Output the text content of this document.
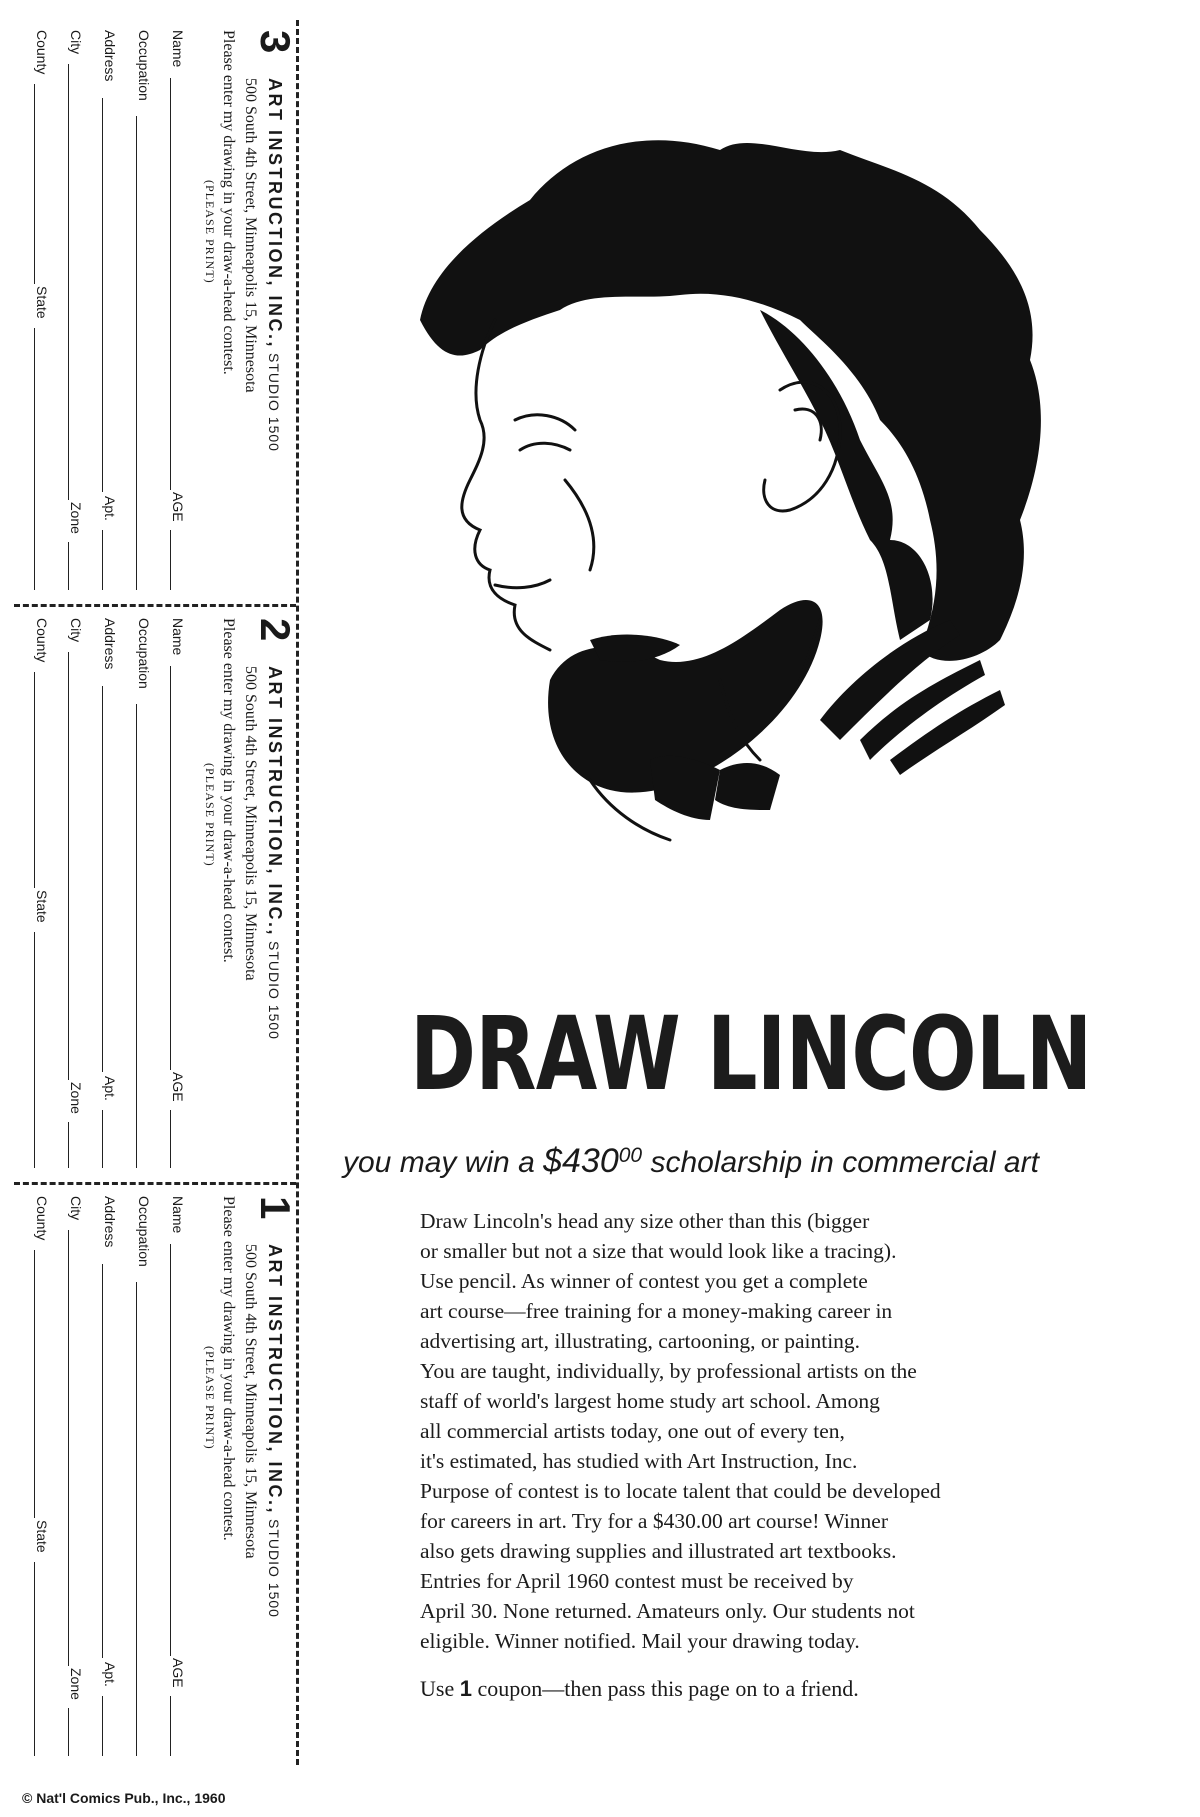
3 ART INSTRUCTION, INC., STUDIO 1500
500 South 4th Street, Minneapolis 15, Minnesota
Please enter my drawing in your draw-a-head contest.
(PLEASE PRINT)
Name
AGE
Occupation
Address
Apt.
City
Zone
County
State
2 ART INSTRUCTION, INC., STUDIO 1500
500 South 4th Street, Minneapolis 15, Minnesota
Please enter my drawing in your draw-a-head contest.
(PLEASE PRINT)
Name
AGE
Occupation
Address
Apt.
City
Zone
County
State
1 ART INSTRUCTION, INC., STUDIO 1500
500 South 4th Street, Minneapolis 15, Minnesota
Please enter my drawing in your draw-a-head contest.
(PLEASE PRINT)
Name
AGE
Occupation
Address
Apt.
City
Zone
County
State
DRAW LINCOLN
you may win a $\$430^{00}$ scholarship in commercial art
Draw Lincoln's head any size other than this (bigger
or smaller but not a size that would look like a tracing).
Use pencil. As winner of contest you get a complete
art course—free training for a money-making career in
advertising art, illustrating, cartooning, or painting.
You are taught, individually, by professional artists on the
staff of world's largest home study art school. Among
all commercial artists today, one out of every ten,
it's estimated, has studied with Art Instruction, Inc.
Purpose of contest is to locate talent that could be developed
for careers in art. Try for a $430.00 art course! Winner
also gets drawing supplies and illustrated art textbooks.
Entries for April 1960 contest must be received by
April 30. None returned. Amateurs only. Our students not
eligible. Winner notified. Mail your drawing today.
Use 1 coupon—then pass this page on to a friend.
© Nat'l Comics Pub., Inc., 1960
